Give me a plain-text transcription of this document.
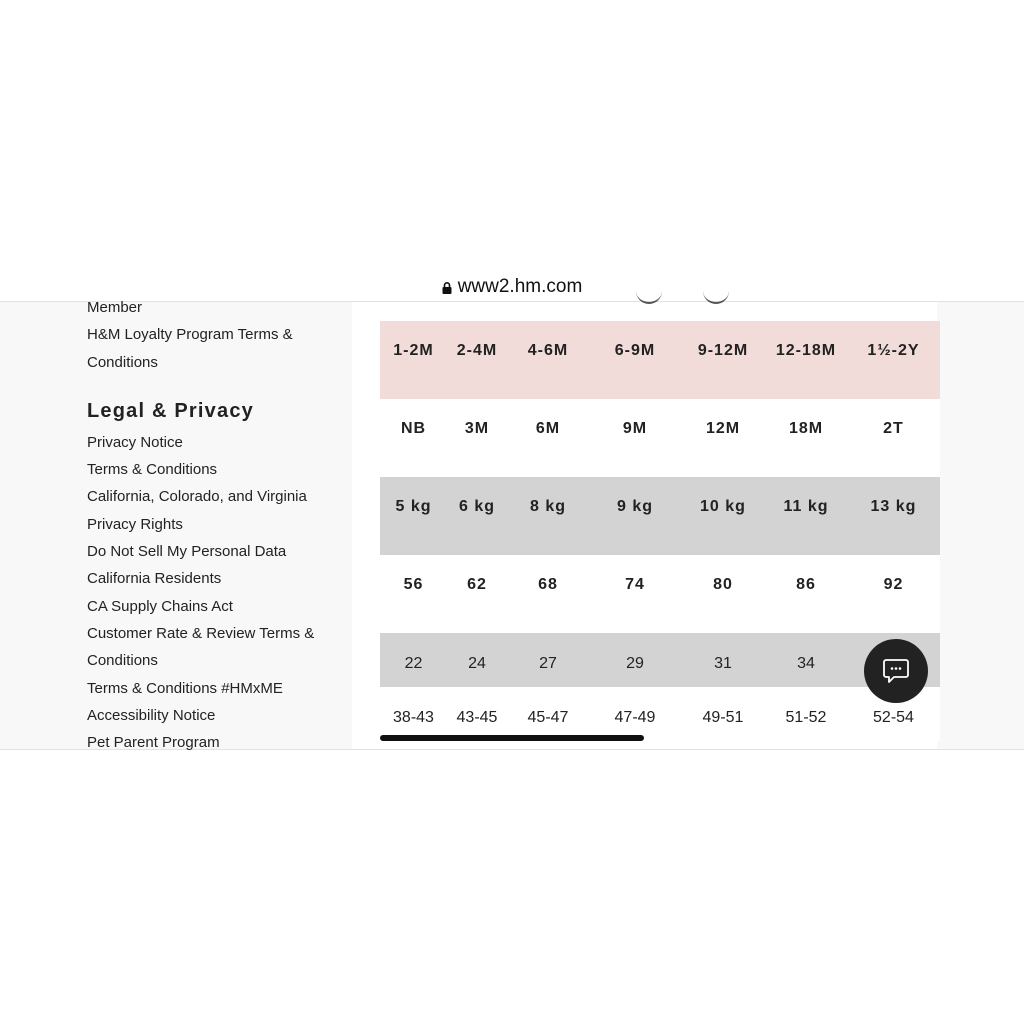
www2.hm.com
Member
H&M Loyalty Program Terms &
Conditions
Legal & Privacy
Privacy Notice
Terms & Conditions
California, Colorado, and Virginia
Privacy Rights
Do Not Sell My Personal Data
California Residents
CA Supply Chains Act
Customer Rate & Review Terms &
Conditions
Terms & Conditions #HMxME
Accessibility Notice
Pet Parent Program
1-2M	2-4M	4-6M	6-9M	9-12M	12-18M	1½-2Y
NB	3M	6M	9M	12M	18M	2T
5 kg	6 kg	8 kg	9 kg	10 kg	11 kg	13 kg
56	62	68	74	80	86	92
22	24	27	29	31	34	
38-43	43-45	45-47	47-49	49-51	51-52	52-54
